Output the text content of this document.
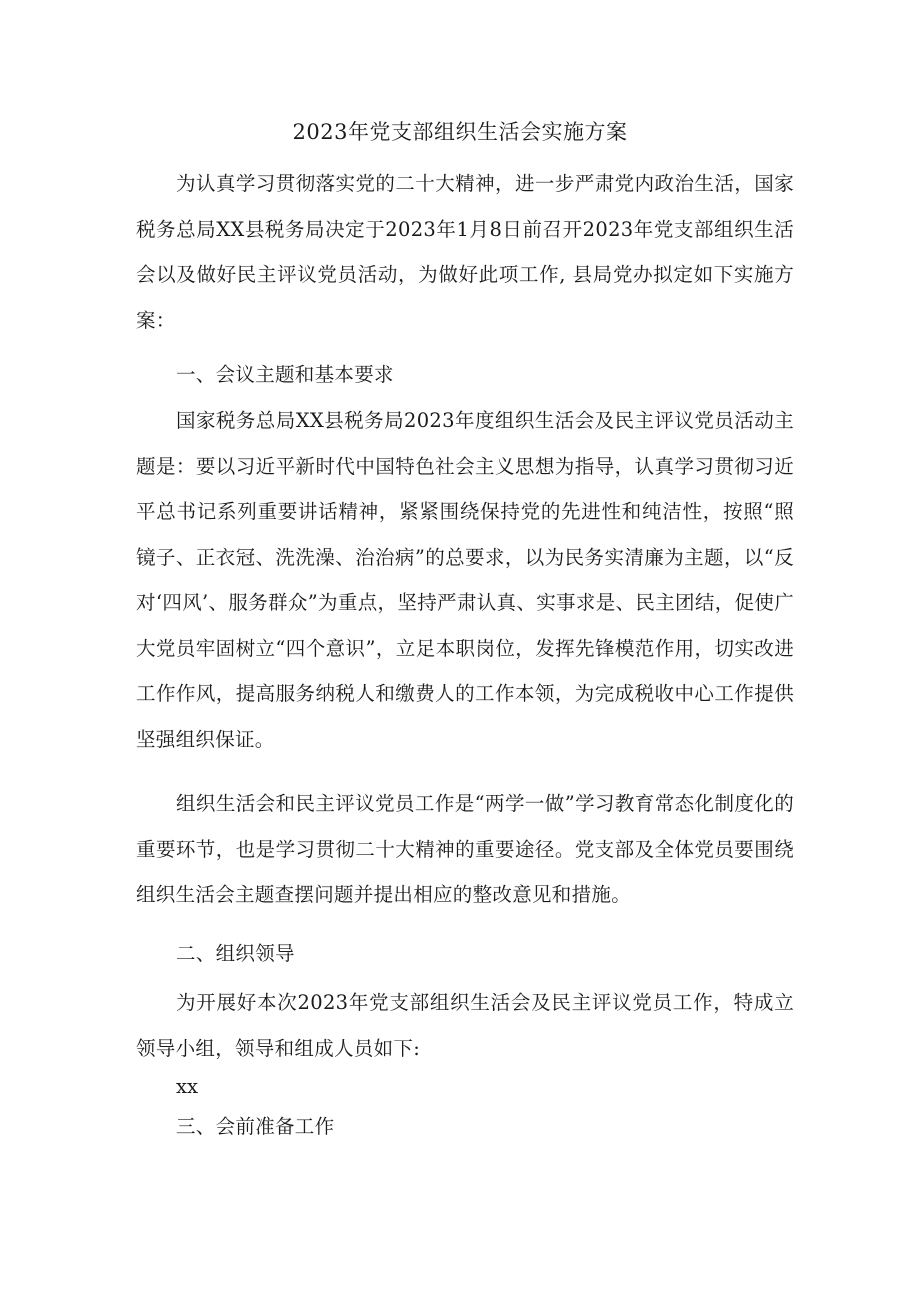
2023年党支部组织生活会实施方案

为认真学习贯彻落实党的二十大精神，进一步严肃党内政治生活，国家税务总局XX县税务局决定于2023年1月8日前召开2023年党支部组织生活会以及做好民主评议党员活动，为做好此项工作, 县局党办拟定如下实施方案：

一、会议主题和基本要求

国家税务总局XX县税务局2023年度组织生活会及民主评议党员活动主题是：要以习近平新时代中国特色社会主义思想为指导，认真学习贯彻习近平总书记系列重要讲话精神，紧紧围绕保持党的先进性和纯洁性，按照“照镜子、正衣冠、洗洗澡、治治病”的总要求，以为民务实清廉为主题，以“反对‘四风’、服务群众”为重点，坚持严肃认真、实事求是、民主团结，促使广大党员牢固树立“四个意识”，立足本职岗位，发挥先锋模范作用，切实改进工作作风，提高服务纳税人和缴费人的工作本领，为完成税收中心工作提供坚强组织保证。

组织生活会和民主评议党员工作是“两学一做”学习教育常态化制度化的重要环节，也是学习贯彻二十大精神的重要途径。党支部及全体党员要围绕组织生活会主题查摆问题并提出相应的整改意见和措施。

二、组织领导

为开展好本次2023年党支部组织生活会及民主评议党员工作，特成立领导小组，领导和组成人员如下:

xx

三、会前准备工作
